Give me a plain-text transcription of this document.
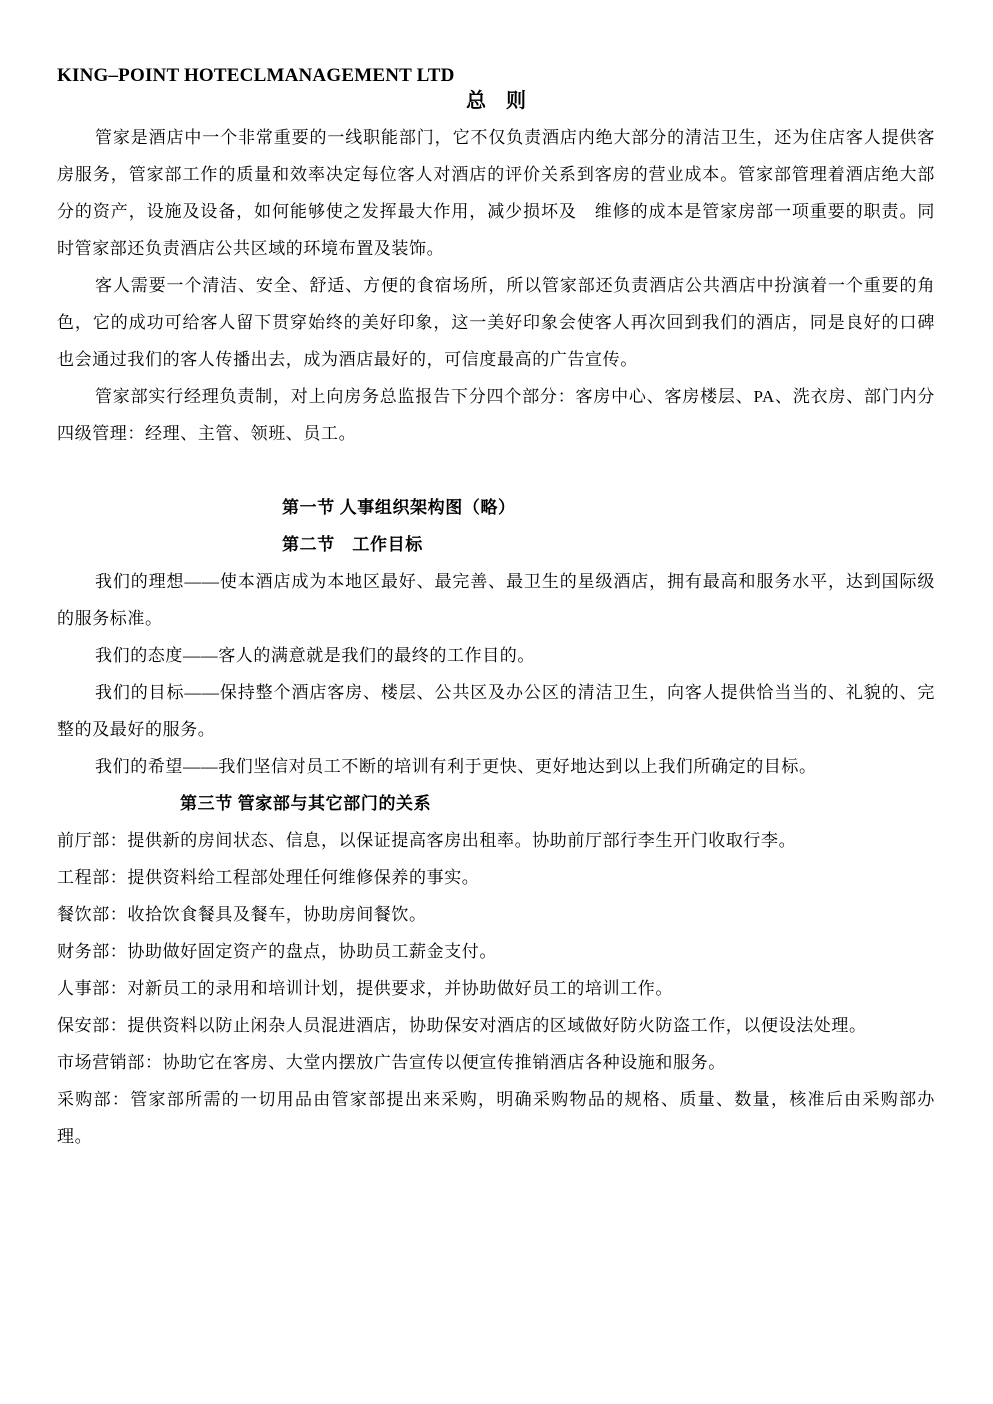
KING–POINT HOTECLMANAGEMENT LTD
总　则

管家是酒店中一个非常重要的一线职能部门，它不仅负责酒店内绝大部分的清洁卫生，还为住店客人提供客房服务，管家部工作的质量和效率决定每位客人对酒店的评价关系到客房的营业成本。管家部管理着酒店绝大部分的资产，设施及设备，如何能够使之发挥最大作用，减少损坏及　维修的成本是管家房部一项重要的职责。同时管家部还负责酒店公共区域的环境布置及装饰。

客人需要一个清洁、安全、舒适、方便的食宿场所，所以管家部还负责酒店公共酒店中扮演着一个重要的角色，它的成功可给客人留下贯穿始终的美好印象，这一美好印象会使客人再次回到我们的酒店，同是良好的口碑也会通过我们的客人传播出去，成为酒店最好的，可信度最高的广告宣传。

管家部实行经理负责制，对上向房务总监报告下分四个部分：客房中心、客房楼层、PA、洗衣房、部门内分四级管理：经理、主管、领班、员工。

第一节 人事组织架构图（略）

第二节　工作目标

我们的理想——使本酒店成为本地区最好、最完善、最卫生的星级酒店，拥有最高和服务水平，达到国际级的服务标准。

我们的态度——客人的满意就是我们的最终的工作目的。

我们的目标——保持整个酒店客房、楼层、公共区及办公区的清洁卫生，向客人提供恰当当的、礼貌的、完整的及最好的服务。

我们的希望——我们坚信对员工不断的培训有利于更快、更好地达到以上我们所确定的目标。

第三节 管家部与其它部门的关系

前厅部：提供新的房间状态、信息，以保证提高客房出租率。协助前厅部行李生开门收取行李。

工程部：提供资料给工程部处理任何维修保养的事实。

餐饮部：收拾饮食餐具及餐车，协助房间餐饮。

财务部：协助做好固定资产的盘点，协助员工薪金支付。

人事部：对新员工的录用和培训计划，提供要求，并协助做好员工的培训工作。

保安部：提供资料以防止闲杂人员混进酒店，协助保安对酒店的区域做好防火防盗工作，以便设法处理。

市场营销部：协助它在客房、大堂内摆放广告宣传以便宣传推销酒店各种设施和服务。

采购部：管家部所需的一切用品由管家部提出来采购，明确采购物品的规格、质量、数量，核准后由采购部办理。
